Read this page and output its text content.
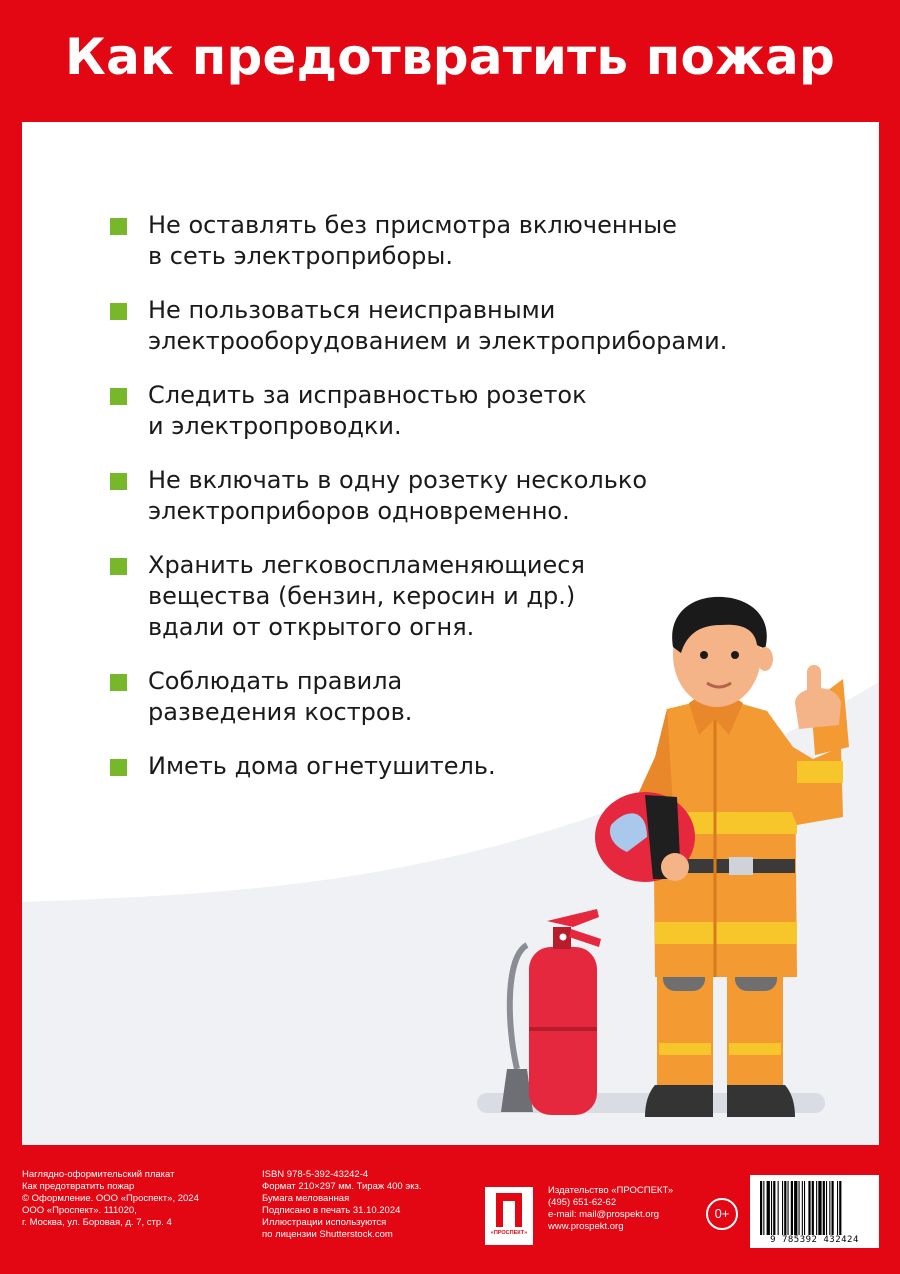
Как предотвратить пожар
Не оставлять без присмотра включенные
в сеть электроприборы.
Не пользоваться неисправными
электрооборудованием и электроприборами.
Следить за исправностью розеток
и электропроводки.
Не включать в одну розетку несколько
электроприборов одновременно.
Хранить легковоспламеняющиеся
вещества (бензин, керосин и др.)
вдали от открытого огня.
Соблюдать правила
разведения костров.
Иметь дома огнетушитель.
Наглядно-оформительский плакат
Как предотвратить пожар
© Оформление. ООО «Проспект», 2024
ООО «Проспект». 111020,
г. Москва, ул. Боровая, д. 7, стр. 4
ISBN 978-5-392-43242-4
Формат 210×297 мм. Тираж 400 экз.
Бумага мелованная
Подписано в печать 31.10.2024
Иллюстрации используются
по лицензии Shutterstock.com	«ПРОСПЕКТ»
Издательство «ПРОСПЕКТ»
(495) 651-62-62
e-mail: mail@prospekt.org
www.prospekt.org
0+
9 785392 432424
